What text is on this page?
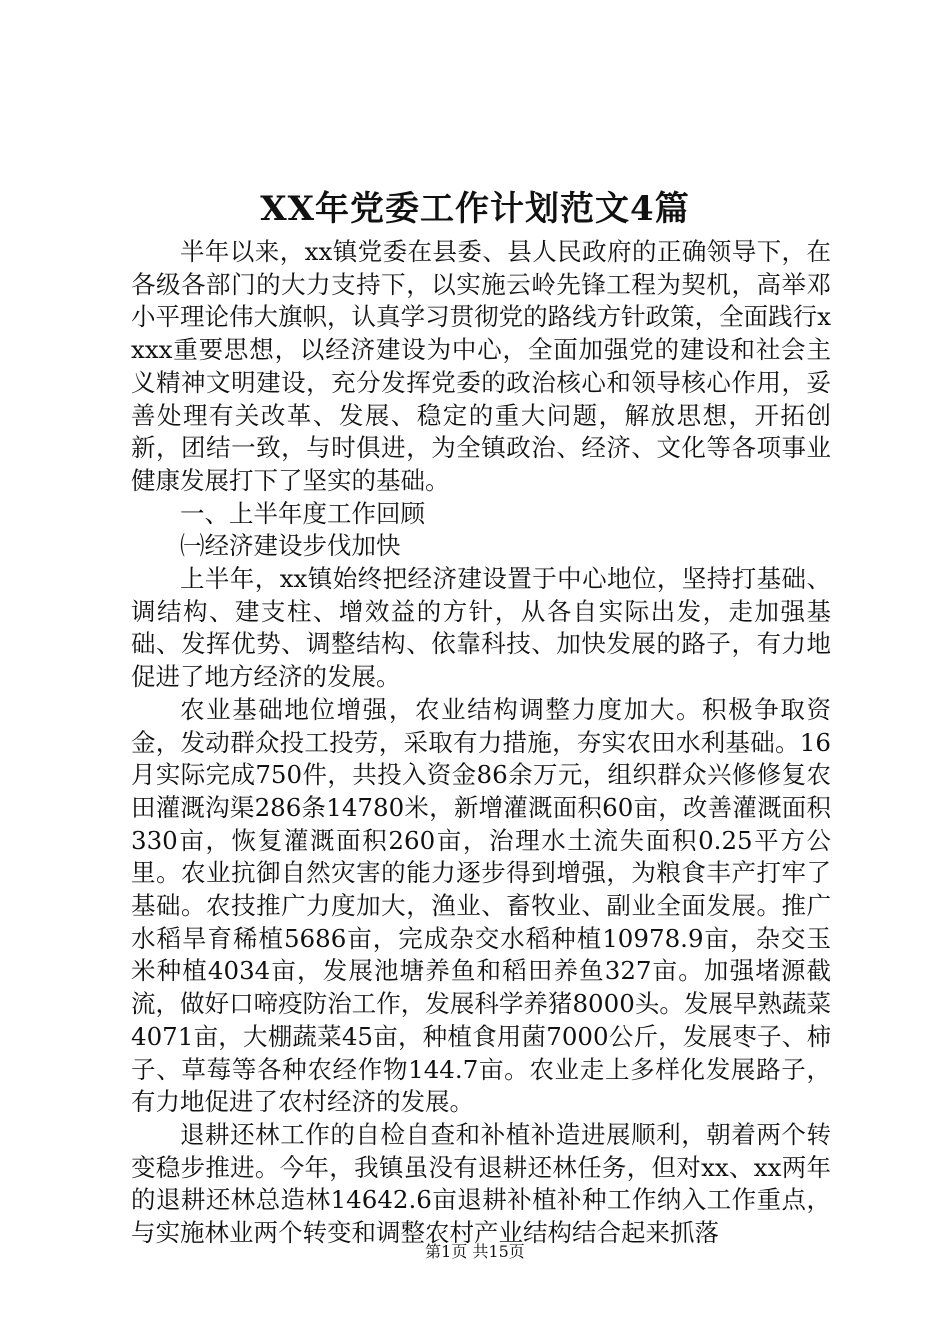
XX年党委工作计划范文4篇

半年以来，xx镇党委在县委、县人民政府的正确领导下，在各级各部门的大力支持下，以实施云岭先锋工程为契机，高举邓小平理论伟大旗帜，认真学习贯彻党的路线方针政策，全面践行xxxx重要思想，以经济建设为中心，全面加强党的建设和社会主义精神文明建设，充分发挥党委的政治核心和领导核心作用，妥善处理有关改革、发展、稳定的重大问题，解放思想，开拓创新，团结一致，与时俱进，为全镇政治、经济、文化等各项事业健康发展打下了坚实的基础。

一、上半年度工作回顾

㈠经济建设步伐加快

上半年，xx镇始终把经济建设置于中心地位，坚持打基础、调结构、建支柱、增效益的方针，从各自实际出发，走加强基础、发挥优势、调整结构、依靠科技、加快发展的路子，有力地促进了地方经济的发展。

农业基础地位增强，农业结构调整力度加大。积极争取资金，发动群众投工投劳，采取有力措施，夯实农田水利基础。16月实际完成750件，共投入资金86余万元，组织群众兴修修复农田灌溉沟渠286条14780米，新增灌溉面积60亩，改善灌溉面积330亩，恢复灌溉面积260亩，治理水土流失面积0.25平方公里。农业抗御自然灾害的能力逐步得到增强，为粮食丰产打牢了基础。农技推广力度加大，渔业、畜牧业、副业全面发展。推广水稻旱育稀植5686亩，完成杂交水稻种植10978.9亩，杂交玉米种植4034亩，发展池塘养鱼和稻田养鱼327亩。加强堵源截流，做好口啼疫防治工作，发展科学养猪8000头。发展早熟蔬菜4071亩，大棚蔬菜45亩，种植食用菌7000公斤，发展枣子、柿子、草莓等各种农经作物144.7亩。农业走上多样化发展路子，有力地促进了农村经济的发展。

退耕还林工作的自检自查和补植补造进展顺利，朝着两个转变稳步推进。今年，我镇虽没有退耕还林任务，但对xx、xx两年的退耕还林总造林14642.6亩退耕补植补种工作纳入工作重点，与实施林业两个转变和调整农村产业结构结合起来抓落

第1页 共15页
